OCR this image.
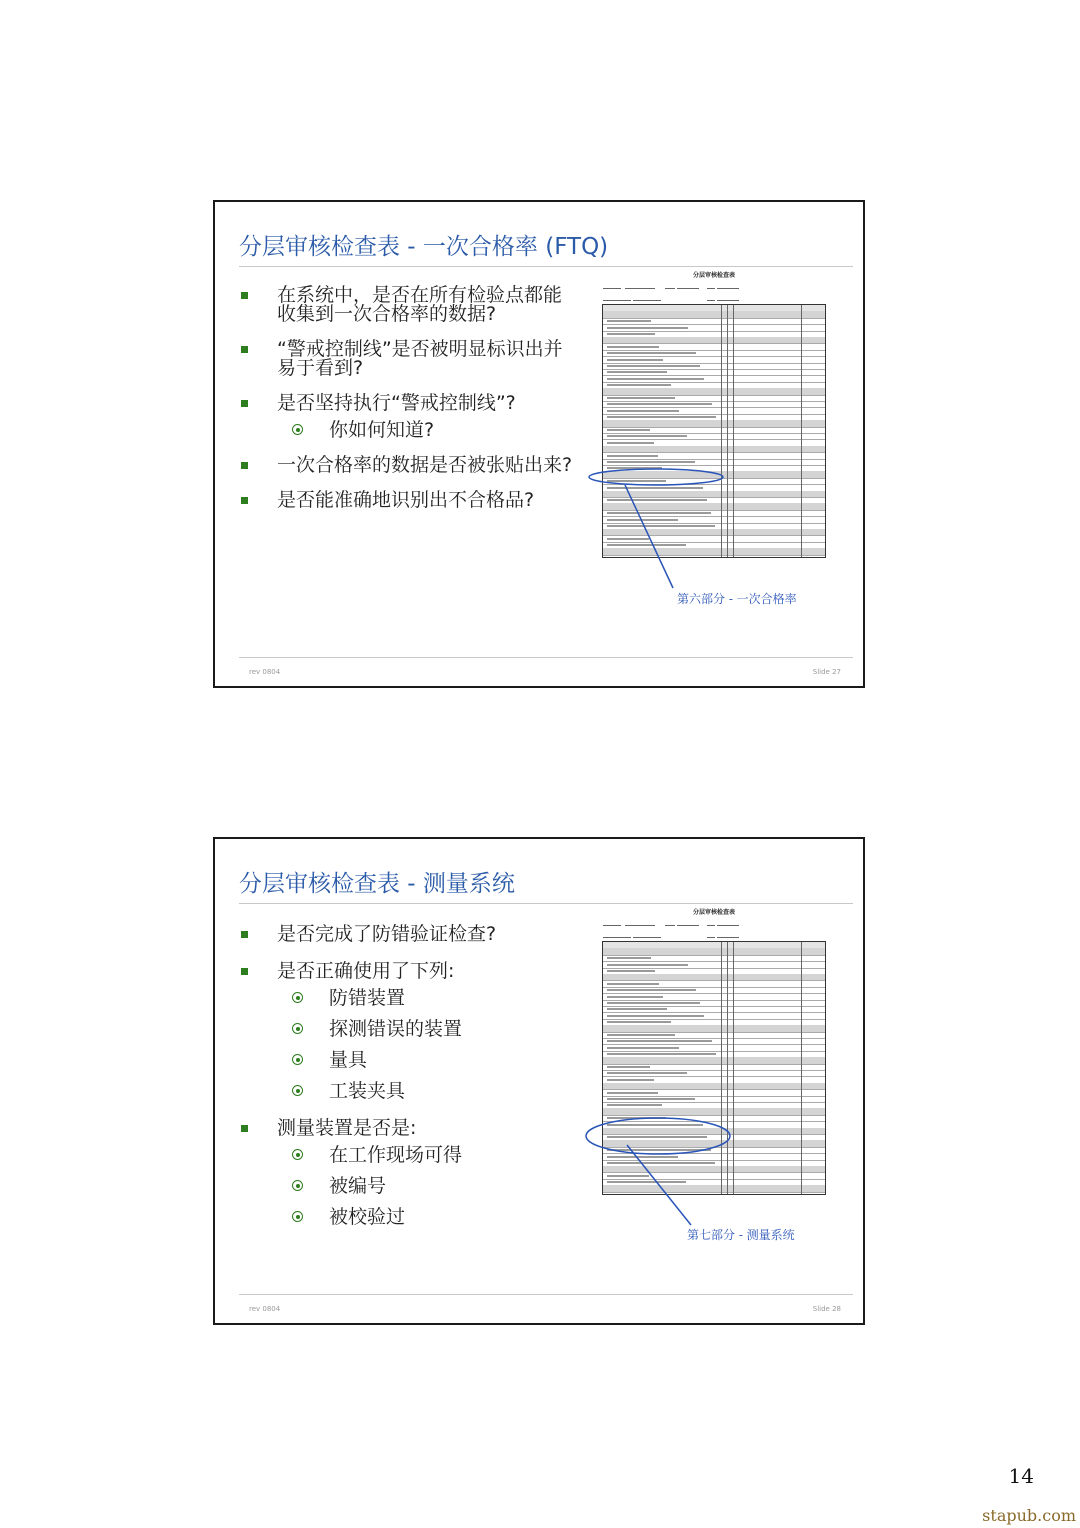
分层审核检查表 - 一次合格率 (FTQ)
在系统中，是否在所有检验点都能收集到一次合格率的数据?
“警戒控制线”是否被明显标识出并易于看到?
是否坚持执行“警戒控制线”?
你如何知道?
一次合格率的数据是否被张贴出来?
是否能准确地识别出不合格品?
分层审核检查表
第六部分 - 一次合格率
rev 0804	Slide 27
分层审核检查表 - 测量系统
是否完成了防错验证检查?
是否正确使用了下列:
防错装置
探测错误的装置
量具
工装夹具
测量装置是否是:
在工作现场可得
被编号
被校验过
分层审核检查表
第七部分 - 测量系统
rev 0804	Slide 28
14
stapub.com
